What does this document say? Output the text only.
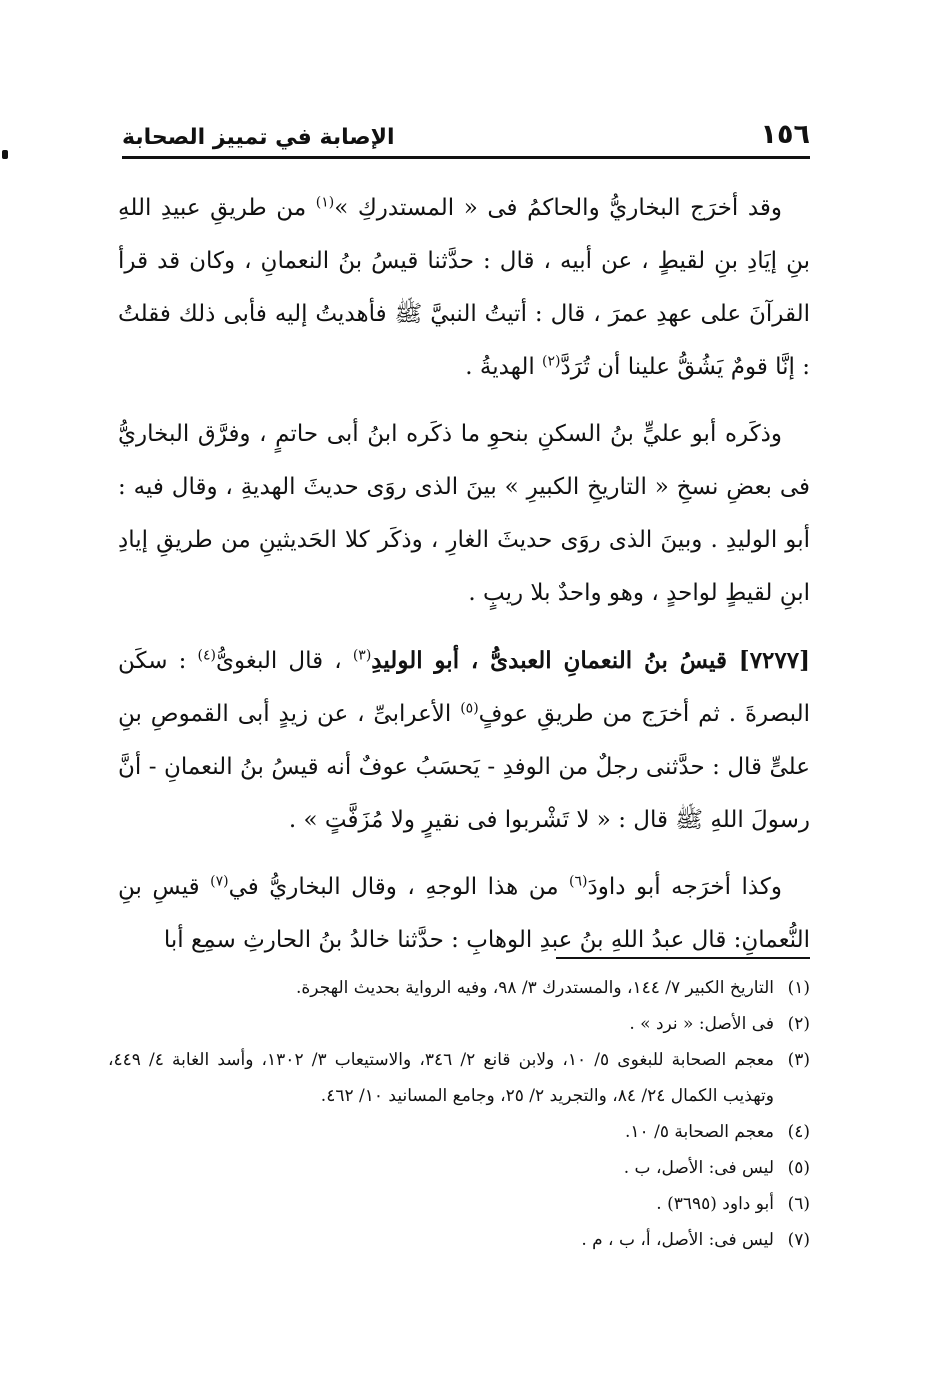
١٥٦
الإصابة في تمييز الصحابة

وقد أخرَج البخاريُّ والحاكمُ فى « المستدركِ »$^{(١)}$ من طريقِ عبيدِ اللهِ بنِ إيَادِ بنِ لقيطٍ ، عن أبيه ، قال : حدَّثنا قيسُ بنُ النعمانِ ، وكان قد قرأ القرآنَ على عهدِ عمرَ ، قال : أتيتُ النبيَّ ﷺ فأهديتُ إليه فأبى ذلك فقلتُ : إنَّا قومٌ يَشُقُّ علينا أن تُرَدَّ$^{(٢)}$ الهديةُ .

وذكَره أبو عليٍّ بنُ السكنِ بنحوِ ما ذكَره ابنُ أبى حاتمٍ ، وفرَّق البخاريُّ فى بعضِ نسخِ « التاريخِ الكبيرِ » بينَ الذى روَى حديثَ الهديةِ ، وقال فيه : أبو الوليدِ . وبينَ الذى روَى حديثَ الغارِ ، وذكَر كلا الحَديثينِ من طريقِ إيادِ ابنِ لقيطٍ لواحدٍ ، وهو واحدٌ بلا ريبٍ .

[٧٢٧٧] قيسُ بنُ النعمانِ العبدىُّ ، أبو الوليدِ$^{(٣)}$ ، قال البغوىُّ$^{(٤)}$ : سكَن البصرةَ . ثم أخرَج من طريقِ عوفٍ$^{(٥)}$ الأعرابىِّ ، عن زيدٍ أبى القموصِ بنِ علىٍّ قال : حدَّثنى رجلٌ من الوفدِ - يَحسَبُ عوفٌ أنه قيسُ بنُ النعمانِ - أنَّ رسولَ اللهِ ﷺ قال : « لا تَشْربوا فى نقيرٍ ولا مُزَفَّتٍ » .

وكذا أخرَجه أبو داودَ$^{(٦)}$ من هذا الوجهِ ، وقال البخاريُّ في$^{(٧)}$ قيسِ بنِ النُّعمانِ: قال عبدُ اللهِ بنُ عبدِ الوهابِ : حدَّثنا خالدُ بنُ الحارثِ سمِع أبا

(١)التاريخ الكبير ٧/ ١٤٤، والمستدرك ٣/ ٩٨، وفيه الرواية بحديث الهجرة.
(٢)فى الأصل: « نرد » .
(٣)معجم الصحابة للبغوى ٥/ ١٠، ولابن قانع ٢/ ٣٤٦، والاستيعاب ٣/ ١٣٠٢، وأسد الغابة ٤/ ٤٤٩، وتهذيب الكمال ٢٤/ ٨٤، والتجريد ٢/ ٢٥، وجامع المسانيد ١٠/ ٤٦٢.
(٤)معجم الصحابة ٥/ ١٠.
(٥)ليس فى: الأصل، ب .
(٦)أبو داود (٣٦٩٥) .
(٧)ليس فى: الأصل، أ، ب ، م .
